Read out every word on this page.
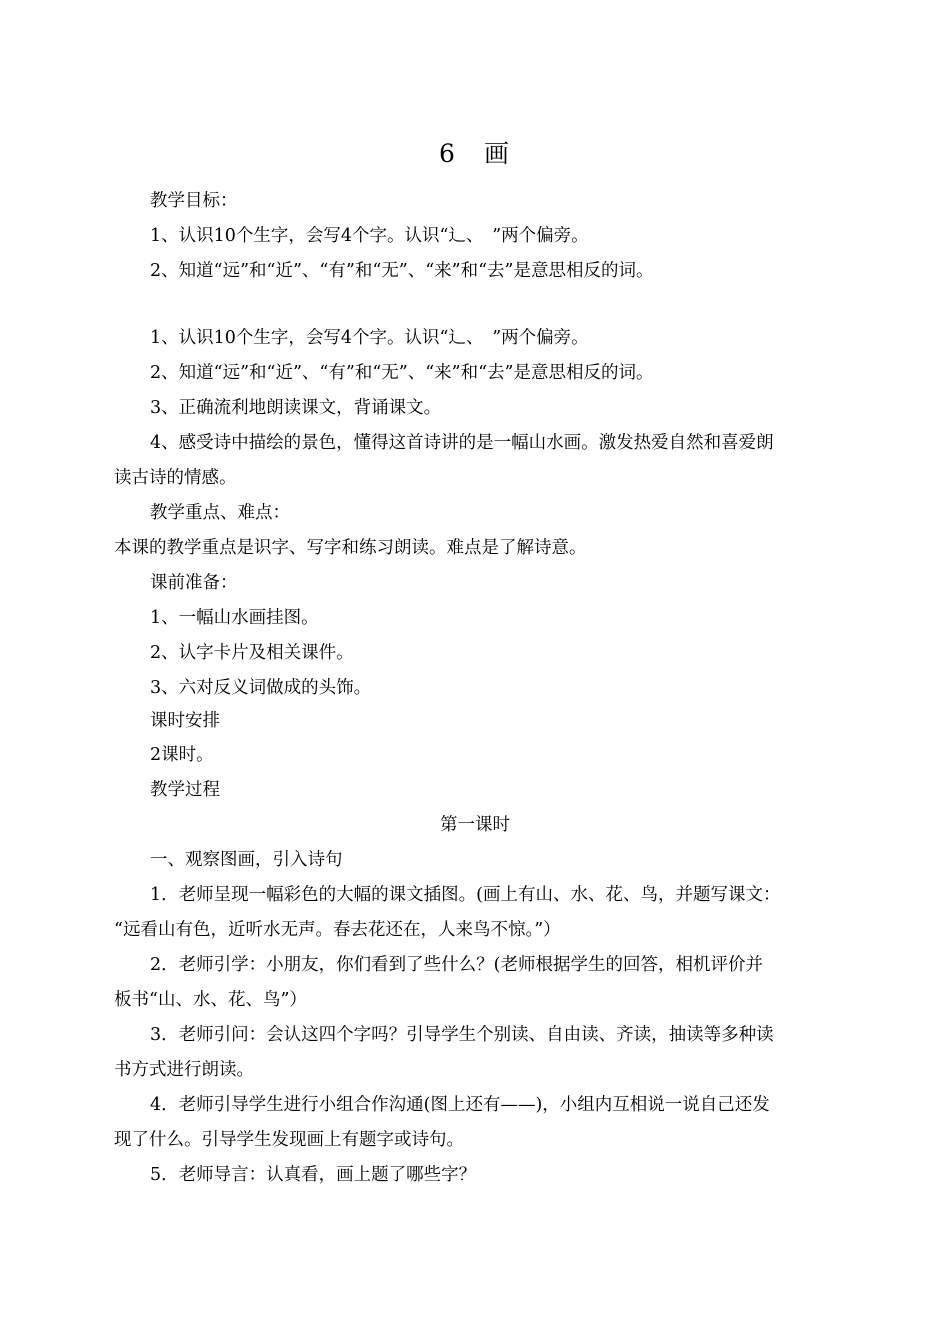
6　画
教学目标：
1、认识10个生字，会写4个字。认识“辶、　”两个偏旁。
2、知道“远”和“近”、“有”和“无”、“来”和“去”是意思相反的词。
1、认识10个生字，会写4个字。认识“辶、　”两个偏旁。
2、知道“远”和“近”、“有”和“无”、“来”和“去”是意思相反的词。
3、正确流利地朗读课文，背诵课文。
4、感受诗中描绘的景色，懂得这首诗讲的是一幅山水画。激发热爱自然和喜爱朗
读古诗的情感。
教学重点、难点：
本课的教学重点是识字、写字和练习朗读。难点是了解诗意。
课前准备：
1、一幅山水画挂图。
2、认字卡片及相关课件。
3、六对反义词做成的头饰。
课时安排
2课时。
教学过程
第一课时
一、观察图画，引入诗句
1．老师呈现一幅彩色的大幅的课文插图。(画上有山、水、花、鸟，并题写课文：
“远看山有色，近听水无声。春去花还在，人来鸟不惊。”）
2．老师引学：小朋友，你们看到了些什么？(老师根据学生的回答，相机评价并
板书“山、水、花、鸟”）
3．老师引问：会认这四个字吗？引导学生个别读、自由读、齐读，抽读等多种读
书方式进行朗读。
4．老师引导学生进行小组合作沟通(图上还有——)，小组内互相说一说自己还发
现了什么。引导学生发现画上有题字或诗句。
5．老师导言：认真看，画上题了哪些字？
